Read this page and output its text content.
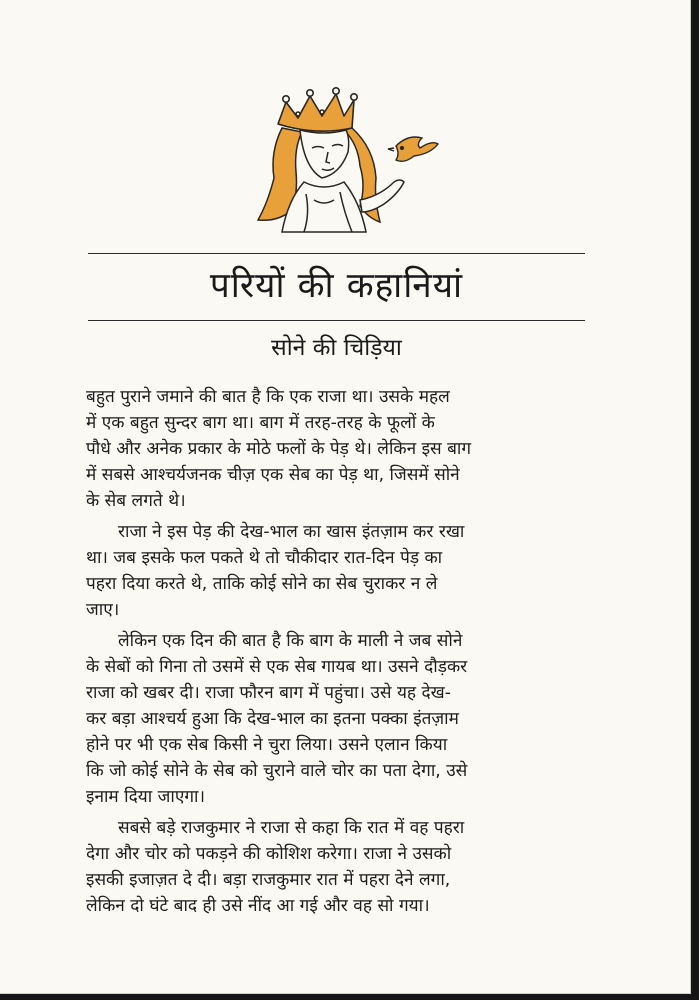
परियों की कहानियां
सोने की चिड़िया
बहुत पुराने जमाने की बात है कि एक राजा था। उसके महल
में एक बहुत सुन्दर बाग था। बाग में तरह-तरह के फूलों के
पौधे और अनेक प्रकार के मोठे फलों के पेड़ थे। लेकिन इस बाग
में सबसे आश्चर्यजनक चीज़ एक सेब का पेड़ था, जिसमें सोने
के सेब लगते थे।
राजा ने इस पेड़ की देख-भाल का खास इंतज़ाम कर रखा
था। जब इसके फल पकते थे तो चौकीदार रात-दिन पेड़ का
पहरा दिया करते थे, ताकि कोई सोने का सेब चुराकर न ले
जाए।
लेकिन एक दिन की बात है कि बाग के माली ने जब सोने
के सेबों को गिना तो उसमें से एक सेब गायब था। उसने दौड़कर
राजा को खबर दी। राजा फौरन बाग में पहुंचा। उसे यह देख-
कर बड़ा आश्चर्य हुआ कि देख-भाल का इतना पक्का इंतज़ाम
होने पर भी एक सेब किसी ने चुरा लिया। उसने एलान किया
कि जो कोई सोने के सेब को चुराने वाले चोर का पता देगा, उसे
इनाम दिया जाएगा।
सबसे बड़े राजकुमार ने राजा से कहा कि रात में वह पहरा
देगा और चोर को पकड़ने की कोशिश करेगा। राजा ने उसको
इसकी इजाज़त दे दी। बड़ा राजकुमार रात में पहरा देने लगा,
लेकिन दो घंटे बाद ही उसे नींद आ गई और वह सो गया।
